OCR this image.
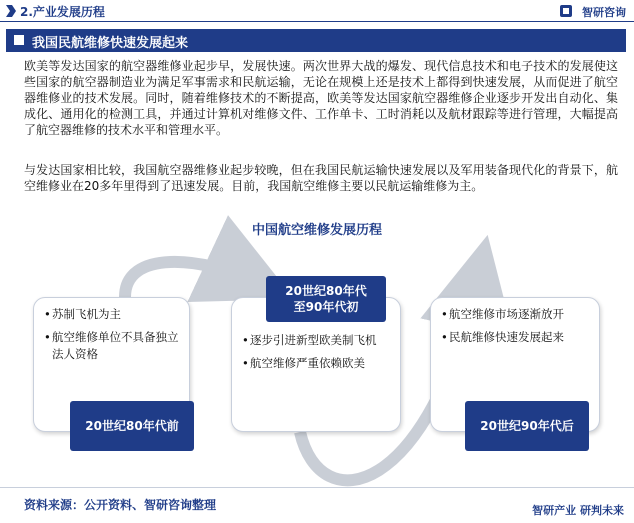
2.产业发展历程	智研咨询
我国民航维修快速发展起来

欧美等发达国家的航空器维修业起步早，发展快速。两次世界大战的爆发、现代信息技术和电子技术的发展使这些国家的航空器制造业为满足军事需求和民航运输，无论在规模上还是技术上都得到快速发展，从而促进了航空器维修业的技术发展。同时，随着维修技术的不断提高，欧美等发达国家航空器维修企业逐步开发出自动化、集成化、通用化的检测工具，并通过计算机对维修文件、工作单卡、工时消耗以及航材跟踪等进行管理，大幅提高了航空器维修的技术水平和管理水平。

与发达国家相比较，我国航空器维修业起步较晚，但在我国民航运输快速发展以及军用装备现代化的背景下，航空维修业在20多年里得到了迅速发展。目前，我国航空维修主要以民航运输维修为主。

中国航空维修发展历程
• 苏制飞机为主
• 航空维修单位不具备独立法人资格
• 逐步引进新型欧美制飞机
• 航空维修严重依赖欧美
• 航空维修市场逐渐放开
• 民航维修快速发展起来
20世纪80年代前
20世纪80年代
至90年代初
20世纪90年代后
资料来源：公开资料、智研咨询整理	智研产业 研判未来
